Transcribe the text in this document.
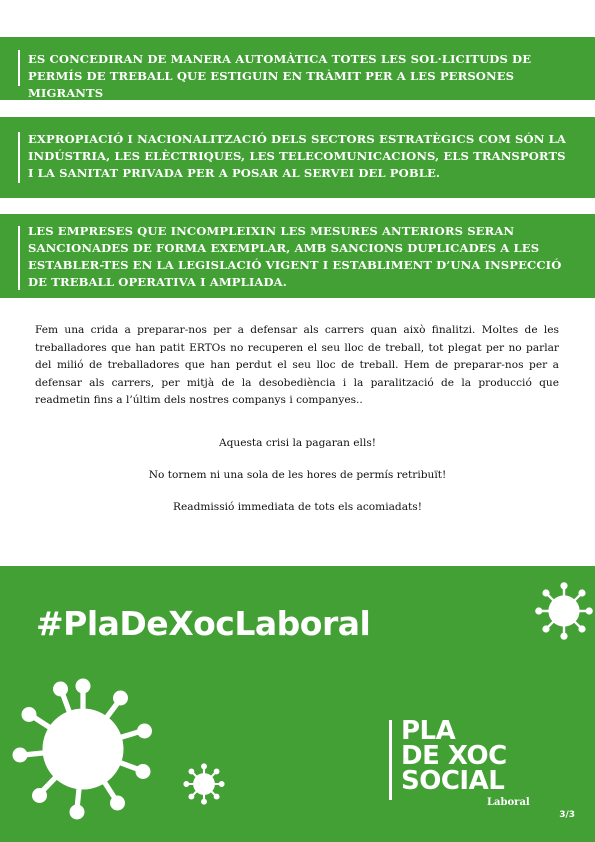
ES CONCEDIRAN DE MANERA AUTOMÀTICA TOTES LES SOL·LICITUDS DE PERMÍS DE TREBALL QUE ESTIGUIN EN TRÀMIT PER A LES PERSONES MIGRANTS
EXPROPIACIÓ I NACIONALITZACIÓ DELS SECTORS ESTRATÈGICS COM SÓN LA INDÚSTRIA, LES ELÈCTRIQUES, LES TELECOMUNICACIONS, ELS TRANSPORTS I LA SANITAT PRIVADA PER A POSAR AL SERVEI DEL POBLE.
LES EMPRESES QUE INCOMPLEIXIN LES MESURES ANTERIORS SERAN SANCIONADES DE FORMA EXEMPLAR, AMB SANCIONS DUPLICADES A LES ESTABLER-TES EN LA LEGISLACIÓ VIGENT I ESTABLIMENT D’UNA INSPECCIÓ DE TREBALL OPERATIVA I AMPLIADA.

Fem una crida a preparar-nos per a defensar als carrers quan això finalitzi. Moltes de les treballadores que han patit ERTOs no recuperen el seu lloc de treball, tot plegat per no parlar del milió de treballadores que han perdut el seu lloc de treball. Hem de preparar-nos per a defensar als carrers, per mitjà de la desobediència i la paralització de la producció que readmetin fins a l’últim dels nostres companys i companyes..

Aquesta crisi la pagaran ells!

No tornem ni una sola de les hores de permís retribuït!

Readmissió immediata de tots els acomiadats!

#PlaDeXocLaboral
PLA
DE XOC
SOCIAL
Laboral
3/3
